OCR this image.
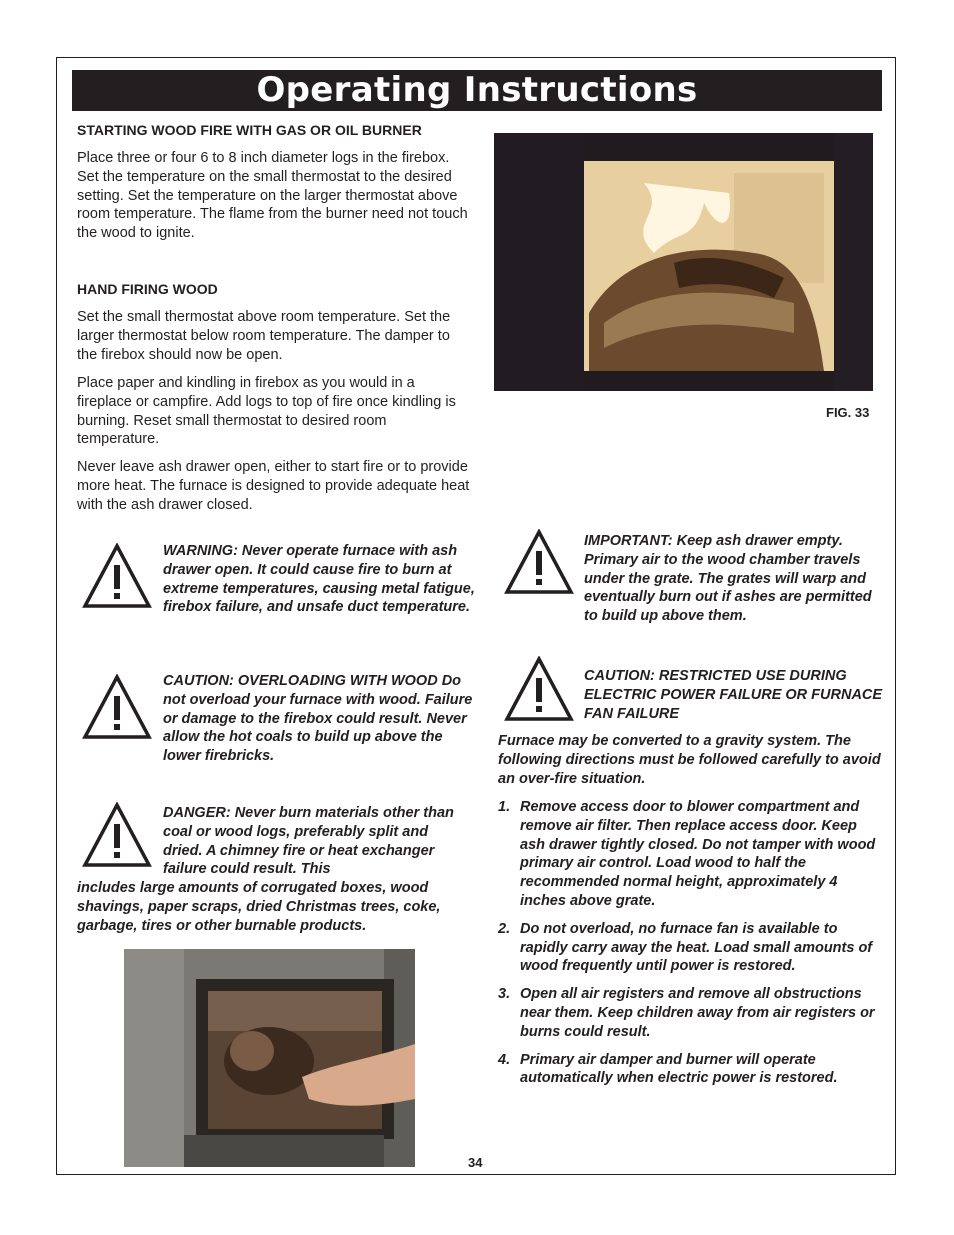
Operating Instructions

STARTING WOOD FIRE WITH GAS OR OIL BURNER

Place three or four 6 to 8 inch diameter logs in the firebox. Set the temperature on the small thermostat to the desired setting. Set the temperature on the larger thermostat above room temperature. The flame from the burner need not touch the wood to ignite.

HAND FIRING WOOD

Set the small thermostat above room temperature. Set the larger thermostat below room temperature. The damper to the firebox should now be open.

Place paper and kindling in firebox as you would in a fireplace or campfire. Add logs to top of fire once kindling is burning. Reset small thermostat to desired room temperature.

Never leave ash drawer open, either to start fire or to provide more heat. The furnace is designed to provide adequate heat with the ash drawer closed.

WARNING: Never operate furnace with ash drawer open. It could cause fire to burn at extreme temperatures, causing metal fatigue, firebox failure, and unsafe duct temperature.

CAUTION: OVERLOADING WITH WOOD Do not overload your furnace with wood. Failure or damage to the firebox could result. Never allow the hot coals to build up above the lower firebricks.

DANGER: Never burn materials other than coal or wood logs, preferably split and dried. A chimney fire or heat exchanger failure could result. This

includes large amounts of corrugated boxes, wood shavings, paper scraps, dried Christmas trees, coke, garbage, tires or other burnable products.

FIG. 33

IMPORTANT: Keep ash drawer empty. Primary air to the wood chamber travels under the grate. The grates will warp and eventually burn out if ashes are permitted to build up above them.

CAUTION: RESTRICTED USE DURING ELECTRIC POWER FAILURE OR FURNACE FAN FAILURE

Furnace may be converted to a gravity system. The following directions must be followed carefully to avoid an over-fire situation.

1. Remove access door to blower compartment and remove air filter. Then replace access door. Keep ash drawer tightly closed. Do not tamper with wood primary air control. Load wood to half the recommended normal height, approximately 4 inches above grate.
2. Do not overload, no furnace fan is available to rapidly carry away the heat. Load small amounts of wood frequently until power is restored.
3. Open all air registers and remove all obstructions near them. Keep children away from air registers or burns could result.
4. Primary air damper and burner will operate automatically when electric power is restored.
34
